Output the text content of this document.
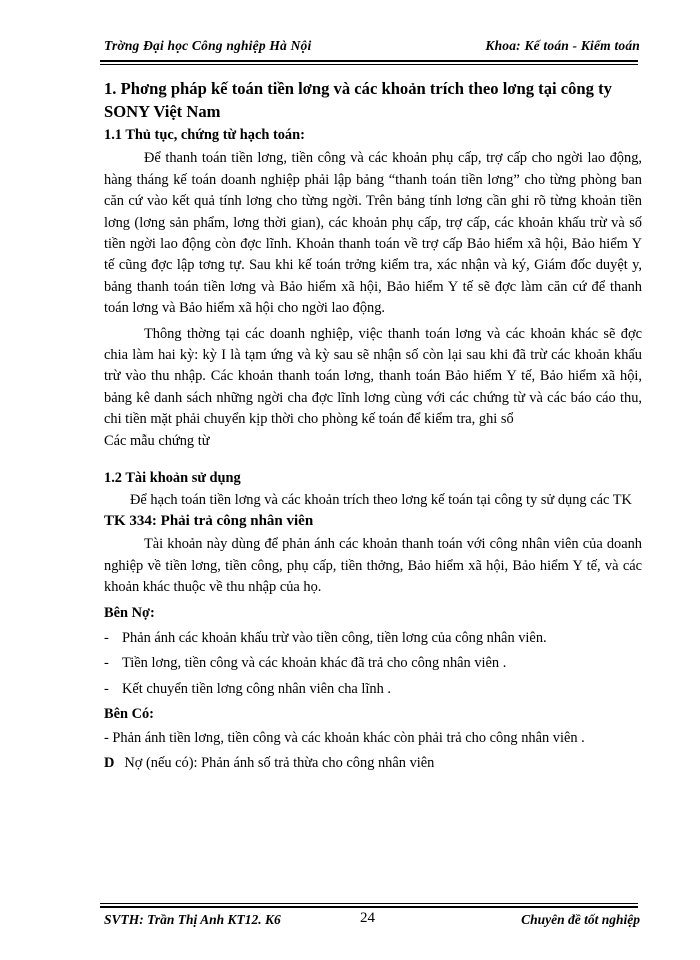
Trờng Đại học Công nghiệp Hà Nội	Khoa: Kế toán - Kiểm toán
1. Phơng pháp kế toán tiền lơng và các khoản trích theo lơng tại công ty SONY Việt Nam
1.1 Thủ tục, chứng từ hạch toán:

Để thanh toán tiền lơng, tiền công và các khoản phụ cấp, trợ cấp cho ngời lao động, hàng tháng kế toán doanh nghiệp phải lập bảng “thanh toán tiền lơng” cho từng phòng ban căn cứ vào kết quả tính lơng cho từng ngời. Trên bảng tính lơng cần ghi rõ từng khoản tiền lơng (lơng sản phẩm, lơng thời gian), các khoản phụ cấp, trợ cấp, các khoản khấu trừ và số tiền ngời lao động còn đợc lĩnh. Khoản thanh toán về trợ cấp Bảo hiểm xã hội, Bảo hiểm Y tế cũng đợc lập tơng tự. Sau khi kế toán trởng kiểm tra, xác nhận và ký, Giám đốc duyệt y, bảng thanh toán tiền lơng và Bảo hiểm xã hội, Bảo hiểm Y tế sẽ đợc làm căn cứ để thanh toán lơng và Bảo hiểm xã hội cho ngời lao động.

Thông thờng tại các doanh nghiệp, việc thanh toán lơng và các khoản khác sẽ đợc chia làm hai kỳ: kỳ I là tạm ứng và kỳ sau sẽ nhận số còn lại sau khi đã trừ các khoản khấu trừ vào thu nhập. Các khoản thanh toán lơng, thanh toán Bảo hiểm Y tế, Bảo hiểm xã hội, bảng kê danh sách những ngời cha đợc lĩnh lơng cùng với các chứng từ và các báo cáo thu, chi tiền mặt phải chuyển kịp thời cho phòng kế toán để kiểm tra, ghi sổ

Các mẫu chứng từ

1.2 Tài khoản sử dụng

Để hạch toán tiền lơng và các khoản trích theo lơng kế toán tại công ty sử dụng các TK

TK 334: Phải trả công nhân viên

Tài khoản này dùng để phản ánh các khoản thanh toán với công nhân viên của doanh nghiệp về tiền lơng, tiền công, phụ cấp, tiền thởng, Bảo hiểm xã hội, Bảo hiểm Y tế, và các khoản khác thuộc về thu nhập của họ.

Bên Nợ:
- Phản ánh các khoản khấu trừ vào tiền công, tiền lơng của công nhân viên.
- Tiền lơng, tiền công và các khoản khác đã trả cho công nhân viên .
- Kết chuyển tiền lơng công nhân viên cha lĩnh .
Bên Có:

- Phản ánh tiền lơng, tiền công và các khoản khác còn phải trả cho công nhân viên .

D Nợ (nếu có): Phản ánh số trả thừa cho công nhân viên
SVTH: Trần Thị Anh KT12. K6	24	Chuyên đề tốt nghiệp
